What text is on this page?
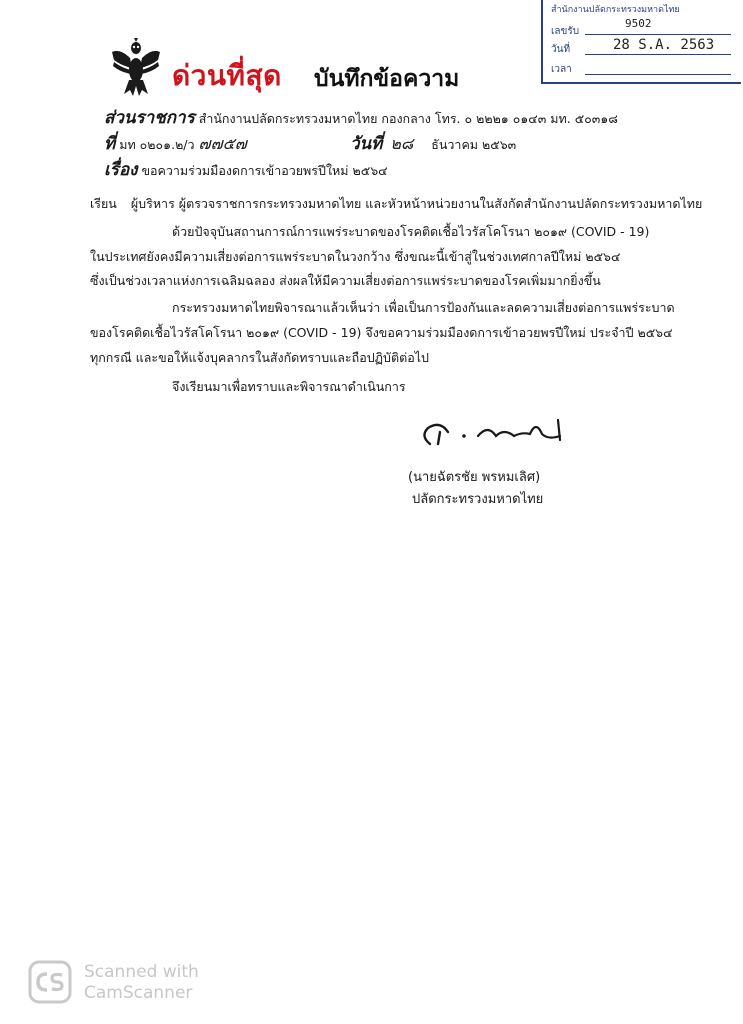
สำนักงานปลัดกระทรวงมหาดไทย
เลขรับ
9502
วันที่	28 S.A. 2563
เวลา
ด่วนที่สุด บันทึกข้อความ
ส่วนราชการ สำนักงานปลัดกระทรวงมหาดไทย กองกลาง โทร. ๐ ๒๒๒๑ ๐๑๔๓ มท. ๕๐๓๑๘
ที่ มท ๐๒๐๑.๒/ว ๗๗๕๗	วันที่ ๒๘ ธันวาคม ๒๕๖๓
เรื่อง ขอความร่วมมืองดการเข้าอวยพรปีใหม่ ๒๕๖๔
เรียน ผู้บริหาร ผู้ตรวจราชการกระทรวงมหาดไทย และหัวหน้าหน่วยงานในสังกัดสำนักงานปลัดกระทรวงมหาดไทย
ด้วยปัจจุบันสถานการณ์การแพร่ระบาดของโรคติดเชื้อไวรัสโคโรนา ๒๐๑๙ (COVID - 19)
ในประเทศยังคงมีความเสี่ยงต่อการแพร่ระบาดในวงกว้าง ซึ่งขณะนี้เข้าสู่ในช่วงเทศกาลปีใหม่ ๒๕๖๔
ซึ่งเป็นช่วงเวลาแห่งการเฉลิมฉลอง ส่งผลให้มีความเสี่ยงต่อการแพร่ระบาดของโรคเพิ่มมากยิ่งขึ้น
กระทรวงมหาดไทยพิจารณาแล้วเห็นว่า เพื่อเป็นการป้องกันและลดความเสี่ยงต่อการแพร่ระบาด
ของโรคติดเชื้อไวรัสโคโรนา ๒๐๑๙ (COVID - 19) จึงขอความร่วมมืองดการเข้าอวยพรปีใหม่ ประจำปี ๒๕๖๔
ทุกกรณี และขอให้แจ้งบุคลากรในสังกัดทราบและถือปฏิบัติต่อไป
จึงเรียนมาเพื่อทราบและพิจารณาดำเนินการ
(นายฉัตรชัย พรหมเลิศ)
ปลัดกระทรวงมหาดไทย
Scanned with
CamScanner
